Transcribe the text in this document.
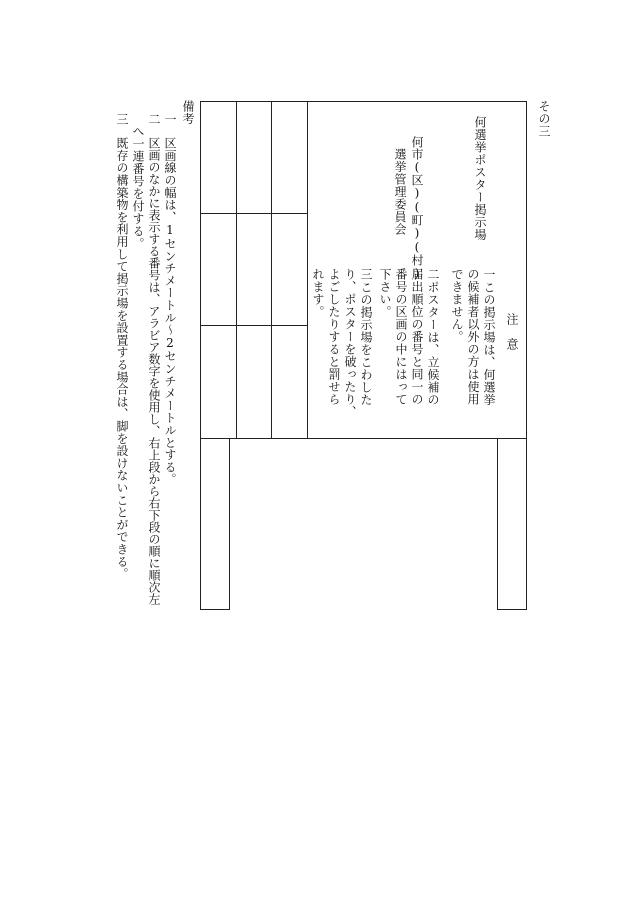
その三
何選挙ポスター掲示場
何市(区)(町)(村)
選挙管理委員会
注　意
一
この掲示場は、何選挙
の候補者以外の方は使用
できません。
二
ポスターは、立候補の
届出順位の番号と同一の
番号の区画の中にはって
下さい。
三
この掲示場をこわした
り、ポスターを破ったり、
よごしたりすると罰せら
れます。
備考
一
区画線の幅は、1センチメートル〜2センチメートルとする。
二
区画のなかに表示する番号は、アラビア数字を使用し、右上段から右下段の順に順次左
へ一連番号を付する。
三
既存の構築物を利用して掲示場を設置する場合は、脚を設けないことができる。
